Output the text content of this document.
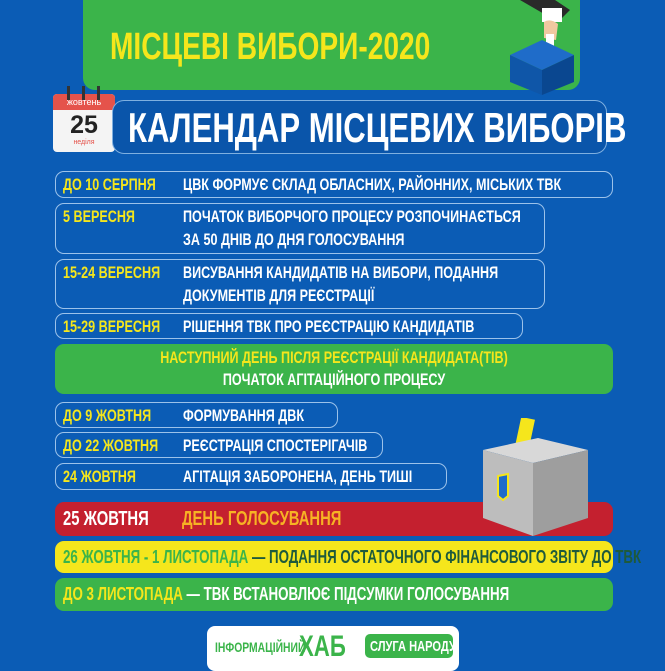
МІСЦЕВІ ВИБОРИ-2020
жовтень
25
неділя КАЛЕНДАР МІСЦЕВИХ ВИБОРІВ
ДО 10 СЕРПНЯ ЦВК ФОРМУЄ СКЛАД ОБЛАСНИХ, РАЙОННИХ, МІСЬКИХ ТВК
5 ВЕРЕСНЯ	ПОЧАТОК ВИБОРЧОГО ПРОЦЕСУ РОЗПОЧИНАЄТЬСЯ
ЗА 50 ДНІВ ДО ДНЯ ГОЛОСУВАННЯ
15-24 ВЕРЕСНЯ ВИСУВАННЯ КАНДИДАТІВ НА ВИБОРИ, ПОДАННЯ
ДОКУМЕНТІВ ДЛЯ РЕЄСТРАЦІЇ
15-29 ВЕРЕСНЯ РІШЕННЯ ТВК ПРО РЕЄСТРАЦІЮ КАНДИДАТІВ
НАСТУПНИЙ ДЕНЬ ПІСЛЯ РЕЄСТРАЦІЇ КАНДИДАТА(ТІВ)
ПОЧАТОК АГІТАЦІЙНОГО ПРОЦЕСУ
ДО 9 ЖОВТНЯ ФОРМУВАННЯ ДВК
ДО 22 ЖОВТНЯ РЕЄСТРАЦІЯ СПОСТЕРІГАЧІВ
24 ЖОВТНЯ	АГІТАЦІЯ ЗАБОРОНЕНА, ДЕНЬ ТИШІ
25 ЖОВТНЯ ДЕНЬ ГОЛОСУВАННЯ
26 ЖОВТНЯ - 1 ЛИСТОПАДА — ПОДАННЯ ОСТАТОЧНОГО ФІНАНСОВОГО ЗВІТУ ДО ТВК
ДО 3 ЛИСТОПАДА — ТВК ВСТАНОВЛЮЄ ПІДСУМКИ ГОЛОСУВАННЯ
ІНФОРМАЦІЙНИЙ
ХАБ СЛУГА НАРОДУ
